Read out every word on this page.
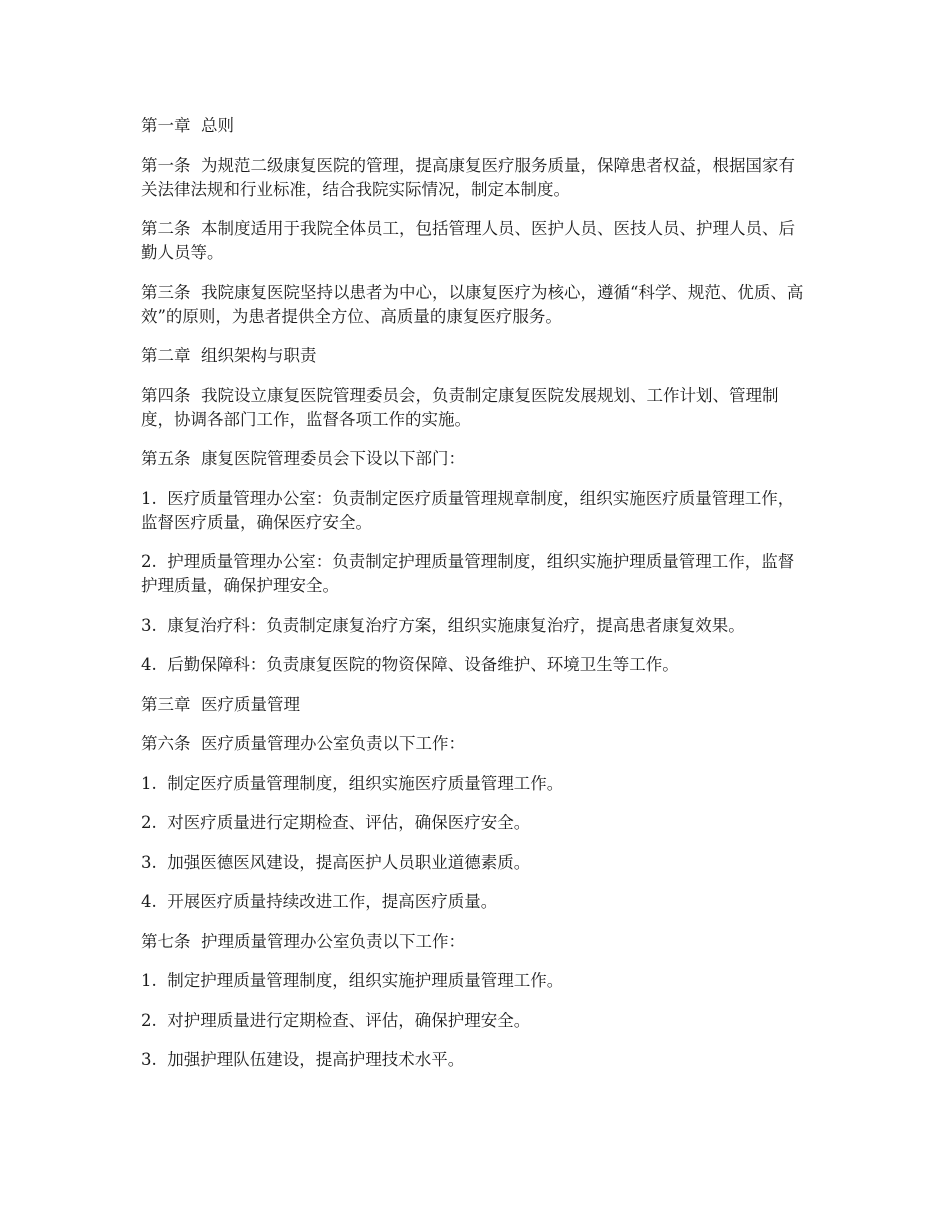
第一章  总则

第一条  为规范二级康复医院的管理，提高康复医疗服务质量，保障患者权益，根据国家有关法律法规和行业标准，结合我院实际情况，制定本制度。

第二条  本制度适用于我院全体员工，包括管理人员、医护人员、医技人员、护理人员、后勤人员等。

第三条  我院康复医院坚持以患者为中心，以康复医疗为核心，遵循“科学、规范、优质、高效”的原则，为患者提供全方位、高质量的康复医疗服务。

第二章  组织架构与职责

第四条  我院设立康复医院管理委员会，负责制定康复医院发展规划、工作计划、管理制度，协调各部门工作，监督各项工作的实施。

第五条  康复医院管理委员会下设以下部门：

1.  医疗质量管理办公室：负责制定医疗质量管理规章制度，组织实施医疗质量管理工作，监督医疗质量，确保医疗安全。

2.  护理质量管理办公室：负责制定护理质量管理制度，组织实施护理质量管理工作，监督护理质量，确保护理安全。

3.  康复治疗科：负责制定康复治疗方案，组织实施康复治疗，提高患者康复效果。

4.  后勤保障科：负责康复医院的物资保障、设备维护、环境卫生等工作。

第三章  医疗质量管理

第六条  医疗质量管理办公室负责以下工作：

1.  制定医疗质量管理制度，组织实施医疗质量管理工作。

2.  对医疗质量进行定期检查、评估，确保医疗安全。

3.  加强医德医风建设，提高医护人员职业道德素质。

4.  开展医疗质量持续改进工作，提高医疗质量。

第七条  护理质量管理办公室负责以下工作：

1.  制定护理质量管理制度，组织实施护理质量管理工作。

2.  对护理质量进行定期检查、评估，确保护理安全。

3.  加强护理队伍建设，提高护理技术水平。
